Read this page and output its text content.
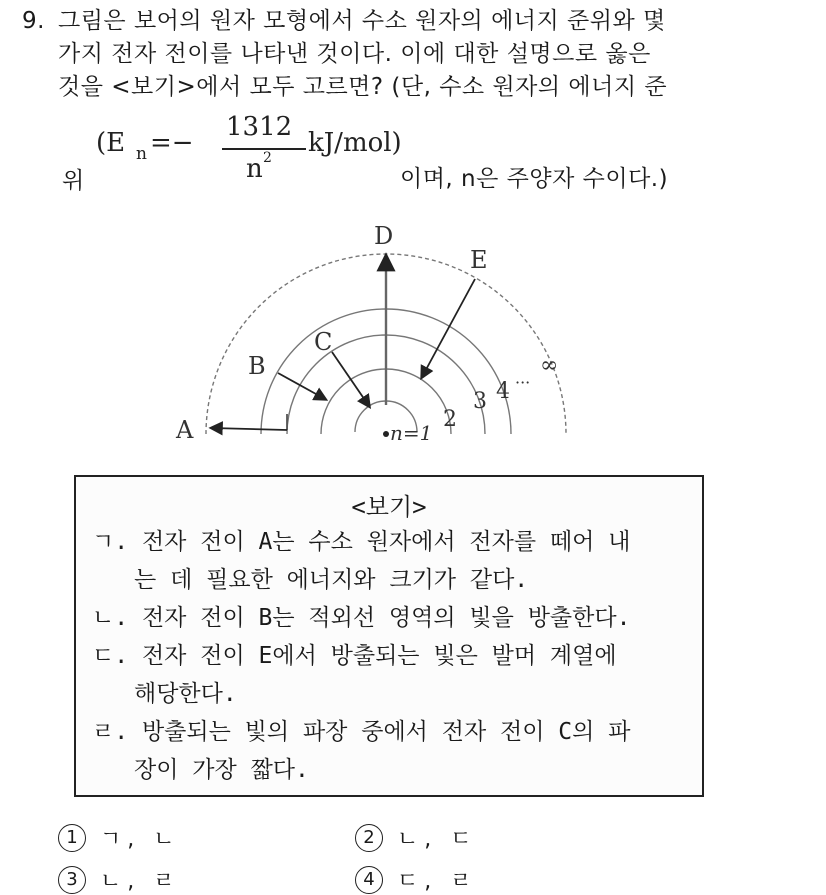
9. 그림은 보어의 원자 모형에서 수소 원자의 에너지 준위와 몇
가지 전자 전이를 나타낸 것이다. 이에 대한 설명으로 옳은
것을 <보기>에서 모두 고르면? (단, 수소 원자의 에너지 준
위
(E n =−
1312
n 2 kJ/mol)
이며, n은 주양자 수이다.)
D
E
B
C
A	n=1
2
3 4 ···
∞
<보기>
ㄱ. 전자 전이 A는 수소 원자에서 전자를 떼어 내
는 데 필요한 에너지와 크기가 같다.
ㄴ. 전자 전이 B는 적외선 영역의 빛을 방출한다.
ㄷ. 전자 전이 E에서 방출되는 빛은 발머 계열에
해당한다.
ㄹ. 방출되는 빛의 파장 중에서 전자 전이 C의 파
장이 가장 짧다.
1 ㄱ, ㄴ	2 ㄴ, ㄷ
3 ㄴ, ㄹ	4 ㄷ, ㄹ
